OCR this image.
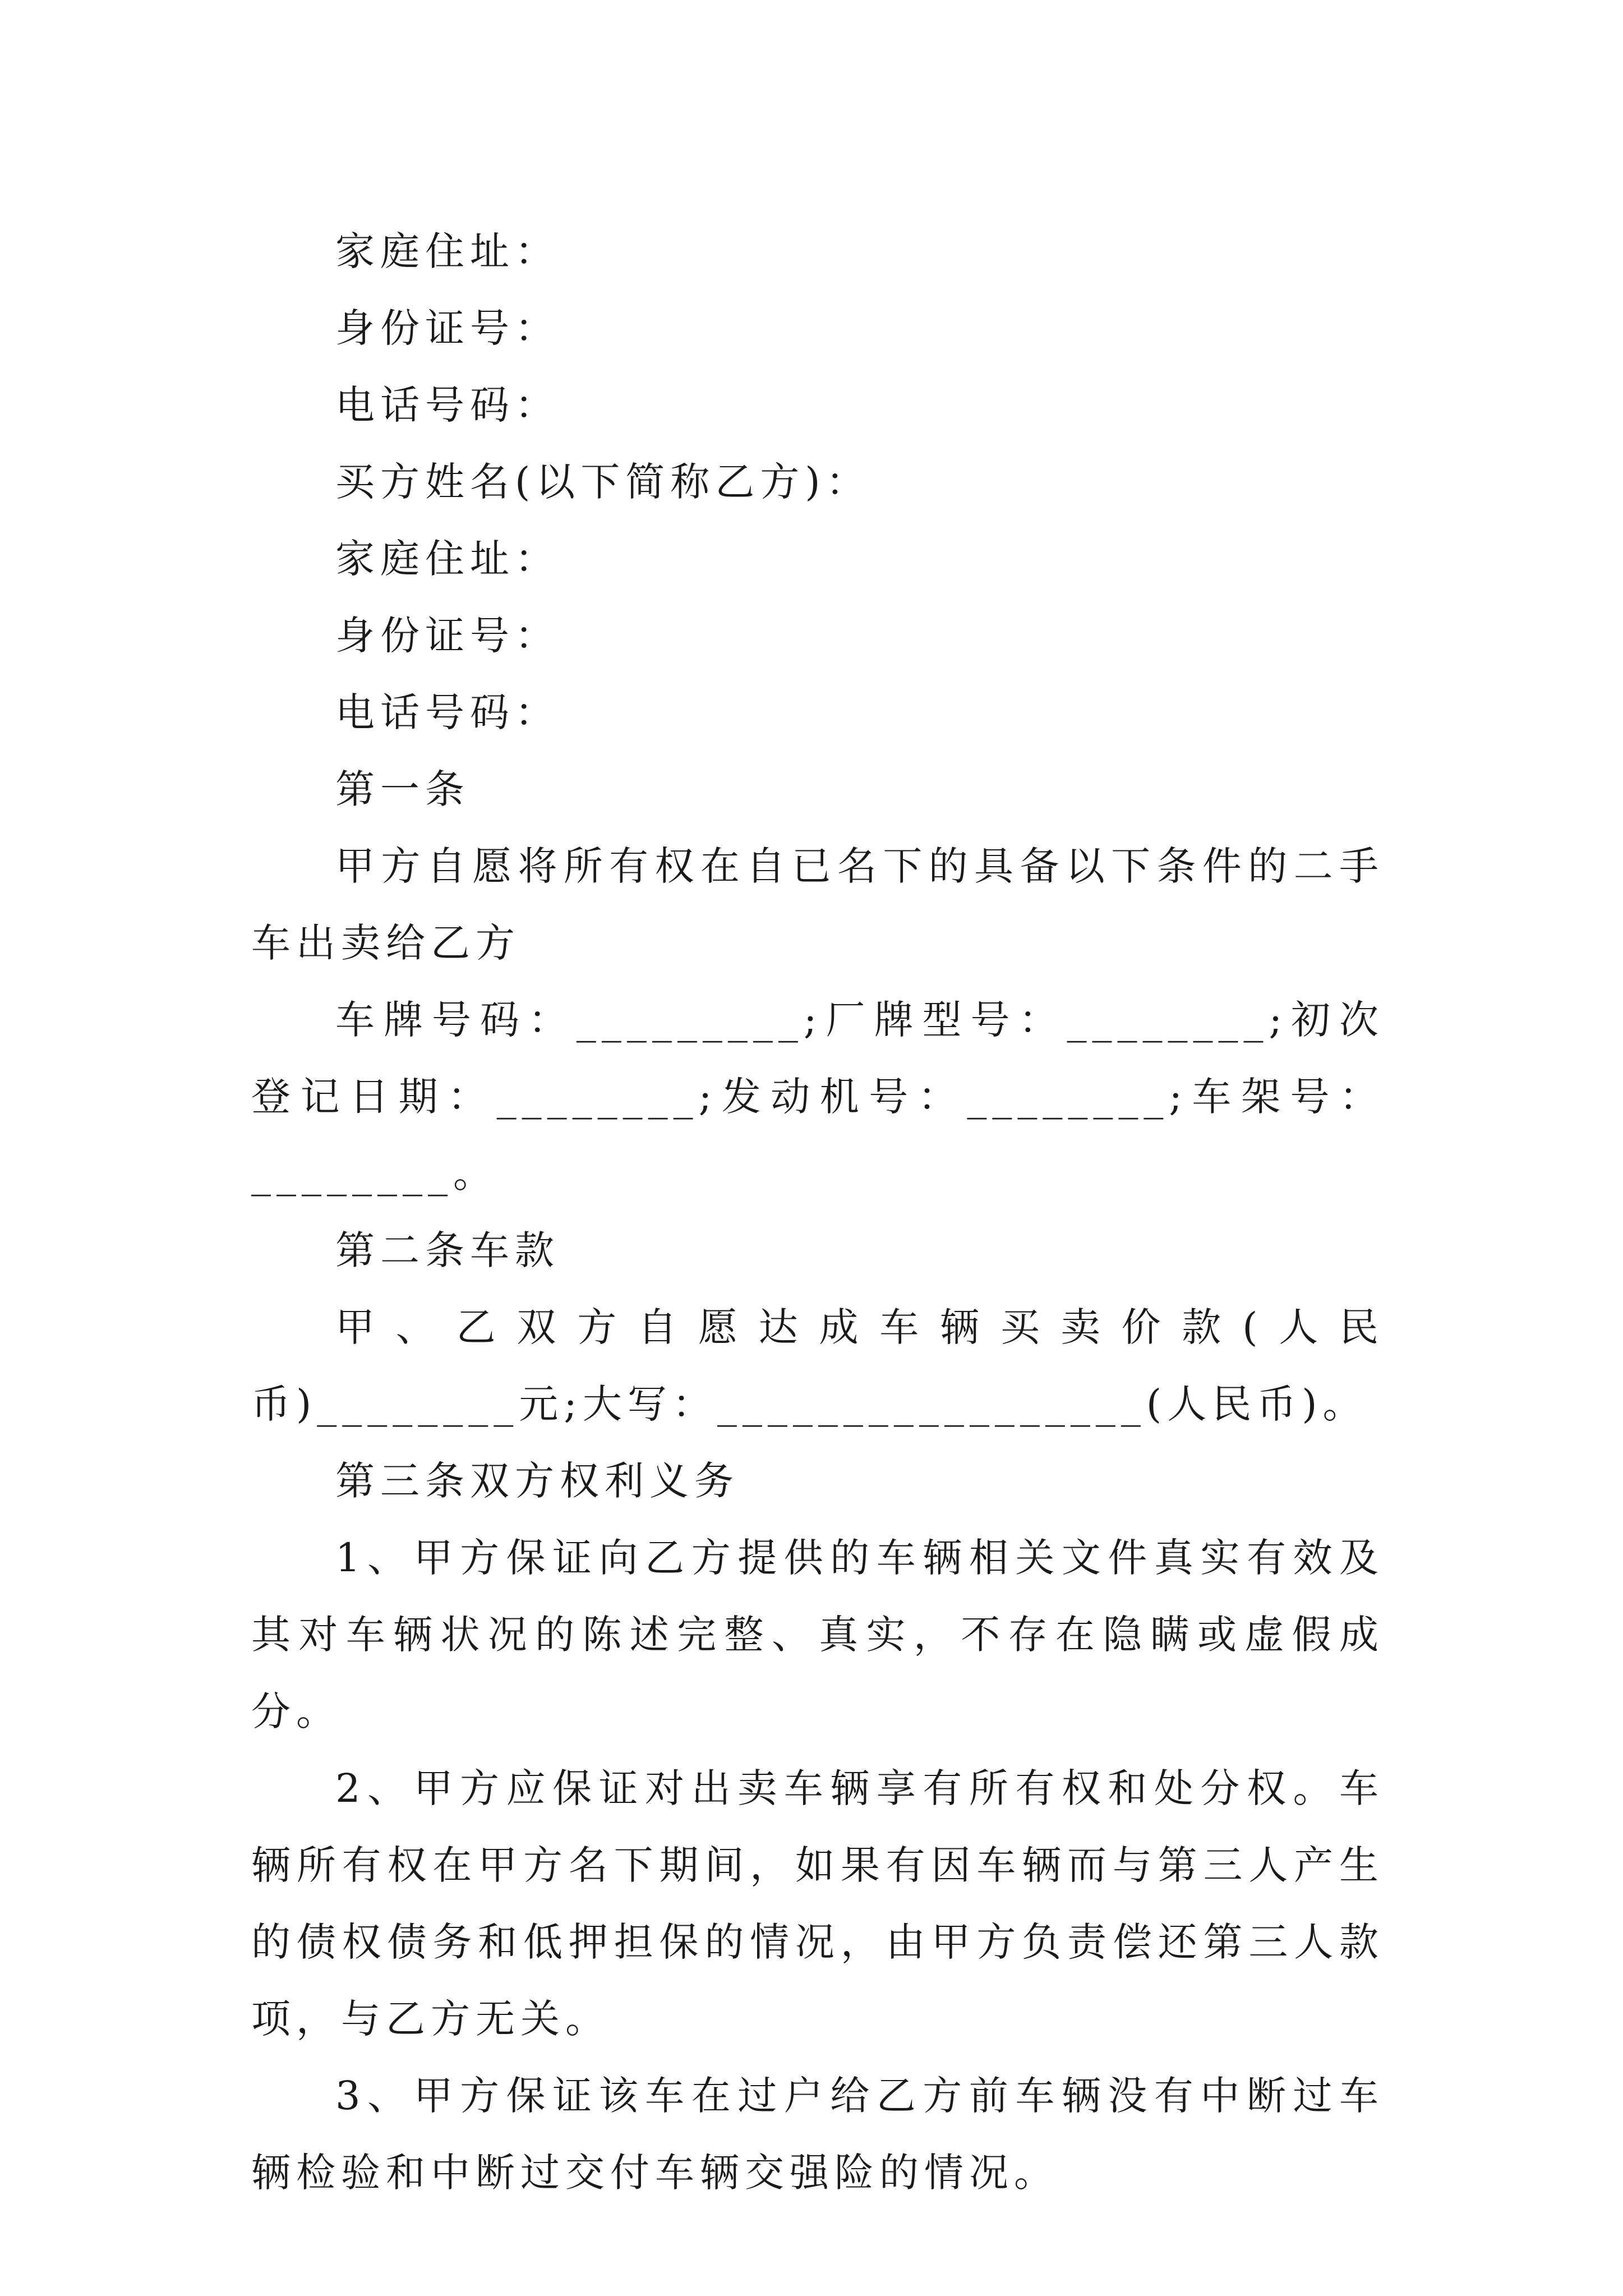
家庭住址：
身份证号：
电话号码：
买方姓名(以下简称乙方)：
家庭住址：
身份证号：
电话号码：
第一条

甲方自愿将所有权在自已名下的具备以下条件的二手车出卖给乙方

车牌号码：_________;厂牌型号：________;初次登记日期：________;发动机号：________;车架号：________。

第二条车款

甲、乙双方自愿达成车辆买卖价款(人民币)________元;大写：_________________(人民币)。

第三条双方权利义务

1、甲方保证向乙方提供的车辆相关文件真实有效及其对车辆状况的陈述完整、真实，不存在隐瞒或虚假成分。

2、甲方应保证对出卖车辆享有所有权和处分权。车辆所有权在甲方名下期间，如果有因车辆而与第三人产生的债权债务和低押担保的情况，由甲方负责偿还第三人款项，与乙方无关。

3、甲方保证该车在过户给乙方前车辆没有中断过车辆检验和中断过交付车辆交强险的情况。
